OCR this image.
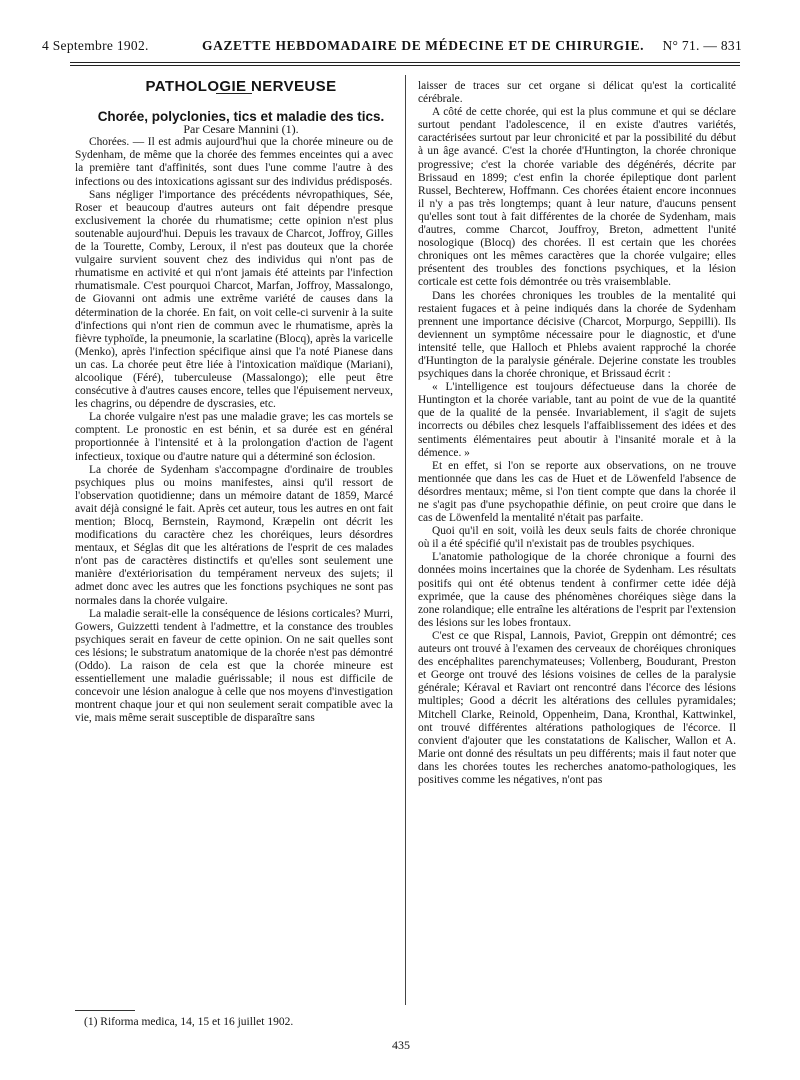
4 Septembre 1902.	GAZETTE HEBDOMADAIRE DE MÉDECINE ET DE CHIRURGIE. N° 71. — 831

PATHOLOGIE NERVEUSE

Chorée, polyclonies, tics et maladie des tics.

Par Cesare Mannini (1).

Chorées. — Il est admis aujourd'hui que la chorée mineure ou de Sydenham, de même que la chorée des femmes enceintes qui a avec la première tant d'affinités, sont dues l'une comme l'autre à des infections ou des intoxications agissant sur des individus prédisposés.

Sans négliger l'importance des précédents névropathiques, Sée, Roser et beaucoup d'autres auteurs ont fait dépendre presque exclusivement la chorée du rhumatisme; cette opinion n'est plus soutenable aujourd'hui. Depuis les travaux de Charcot, Joffroy, Gilles de la Tourette, Comby, Leroux, il n'est pas douteux que la chorée vulgaire survient souvent chez des individus qui n'ont pas de rhumatisme en activité et qui n'ont jamais été atteints par l'infection rhumatismale. C'est pourquoi Charcot, Marfan, Joffroy, Massalongo, de Giovanni ont admis une extrême variété de causes dans la détermination de la chorée. En fait, on voit celle-ci survenir à la suite d'infections qui n'ont rien de commun avec le rhumatisme, après la fièvre typhoïde, la pneumonie, la scarlatine (Blocq), après la varicelle (Menko), après l'infection spécifique ainsi que l'a noté Pianese dans un cas. La chorée peut être liée à l'intoxication maïdique (Mariani), alcoolique (Féré), tuberculeuse (Massalongo); elle peut être consécutive à d'autres causes encore, telles que l'épuisement nerveux, les chagrins, ou dépendre de dyscrasies, etc.

La chorée vulgaire n'est pas une maladie grave; les cas mortels se comptent. Le pronostic en est bénin, et sa durée est en général proportionnée à l'intensité et à la prolongation d'action de l'agent infectieux, toxique ou d'autre nature qui a déterminé son éclosion.

La chorée de Sydenham s'accompagne d'ordinaire de troubles psychiques plus ou moins manifestes, ainsi qu'il ressort de l'observation quotidienne; dans un mémoire datant de 1859, Marcé avait déjà consigné le fait. Après cet auteur, tous les autres en ont fait mention; Blocq, Bernstein, Raymond, Kræpelin ont décrit les modifications du caractère chez les choréiques, leurs désordres mentaux, et Séglas dit que les altérations de l'esprit de ces malades n'ont pas de caractères distinctifs et qu'elles sont seulement une manière d'extériorisation du tempérament nerveux des sujets; il admet donc avec les autres que les fonctions psychiques ne sont pas normales dans la chorée vulgaire.

La maladie serait-elle la conséquence de lésions corticales? Murri, Gowers, Guizzetti tendent à l'admettre, et la constance des troubles psychiques serait en faveur de cette opinion. On ne sait quelles sont ces lésions; le substratum anatomique de la chorée n'est pas démontré (Oddo). La raison de cela est que la chorée mineure est essentiellement une maladie guérissable; il nous est difficile de concevoir une lésion analogue à celle que nos moyens d'investigation montrent chaque jour et qui non seulement serait compatible avec la vie, mais même serait susceptible de disparaître sans

laisser de traces sur cet organe si délicat qu'est la corticalité cérébrale.

A côté de cette chorée, qui est la plus commune et qui se déclare surtout pendant l'adolescence, il en existe d'autres variétés, caractérisées surtout par leur chronicité et par la possibilité du début à un âge avancé. C'est la chorée d'Huntington, la chorée chronique progressive; c'est la chorée variable des dégénérés, décrite par Brissaud en 1899; c'est enfin la chorée épileptique dont parlent Russel, Bechterew, Hoffmann. Ces chorées étaient encore inconnues il n'y a pas très longtemps; quant à leur nature, d'aucuns pensent qu'elles sont tout à fait différentes de la chorée de Sydenham, mais d'autres, comme Charcot, Jouffroy, Breton, admettent l'unité nosologique (Blocq) des chorées. Il est certain que les chorées chroniques ont les mêmes caractères que la chorée vulgaire; elles présentent des troubles des fonctions psychiques, et la lésion corticale est cette fois démontrée ou très vraisemblable.

Dans les chorées chroniques les troubles de la mentalité qui restaient fugaces et à peine indiqués dans la chorée de Sydenham prennent une importance décisive (Charcot, Morpurgo, Seppilli). Ils deviennent un symptôme nécessaire pour le diagnostic, et d'une intensité telle, que Halloch et Phlebs avaient rapproché la chorée d'Huntington de la paralysie générale. Dejerine constate les troubles psychiques dans la chorée chronique, et Brissaud écrit :

« L'intelligence est toujours défectueuse dans la chorée de Huntington et la chorée variable, tant au point de vue de la quantité que de la qualité de la pensée. Invariablement, il s'agit de sujets incorrects ou débiles chez lesquels l'affaiblissement des idées et des sentiments élémentaires peut aboutir à l'insanité morale et à la démence. »

Et en effet, si l'on se reporte aux observations, on ne trouve mentionnée que dans les cas de Huet et de Löwenfeld l'absence de désordres mentaux; même, si l'on tient compte que dans la chorée il ne s'agit pas d'une psychopathie définie, on peut croire que dans le cas de Löwenfeld la mentalité n'était pas parfaite.

Quoi qu'il en soit, voilà les deux seuls faits de chorée chronique où il a été spécifié qu'il n'existait pas de troubles psychiques.

L'anatomie pathologique de la chorée chronique a fourni des données moins incertaines que la chorée de Sydenham. Les résultats positifs qui ont été obtenus tendent à confirmer cette idée déjà exprimée, que la cause des phénomènes choréiques siège dans la zone rolandique; elle entraîne les altérations de l'esprit par l'extension des lésions sur les lobes frontaux.

C'est ce que Rispal, Lannois, Paviot, Greppin ont démontré; ces auteurs ont trouvé à l'examen des cerveaux de choréiques chroniques des encéphalites parenchymateuses; Vollenberg, Boudurant, Preston et George ont trouvé des lésions voisines de celles de la paralysie générale; Kéraval et Raviart ont rencontré dans l'écorce des lésions multiples; Good a décrit les altérations des cellules pyramidales; Mitchell Clarke, Reinold, Oppenheim, Dana, Kronthal, Kattwinkel, ont trouvé différentes altérations pathologiques de l'écorce. Il convient d'ajouter que les constatations de Kalischer, Wallon et A. Marie ont donné des résultats un peu différents; mais il faut noter que dans les chorées toutes les recherches anatomo-pathologiques, les positives comme les négatives, n'ont pas

(1) Riforma medica, 14, 15 et 16 juillet 1902.
435
